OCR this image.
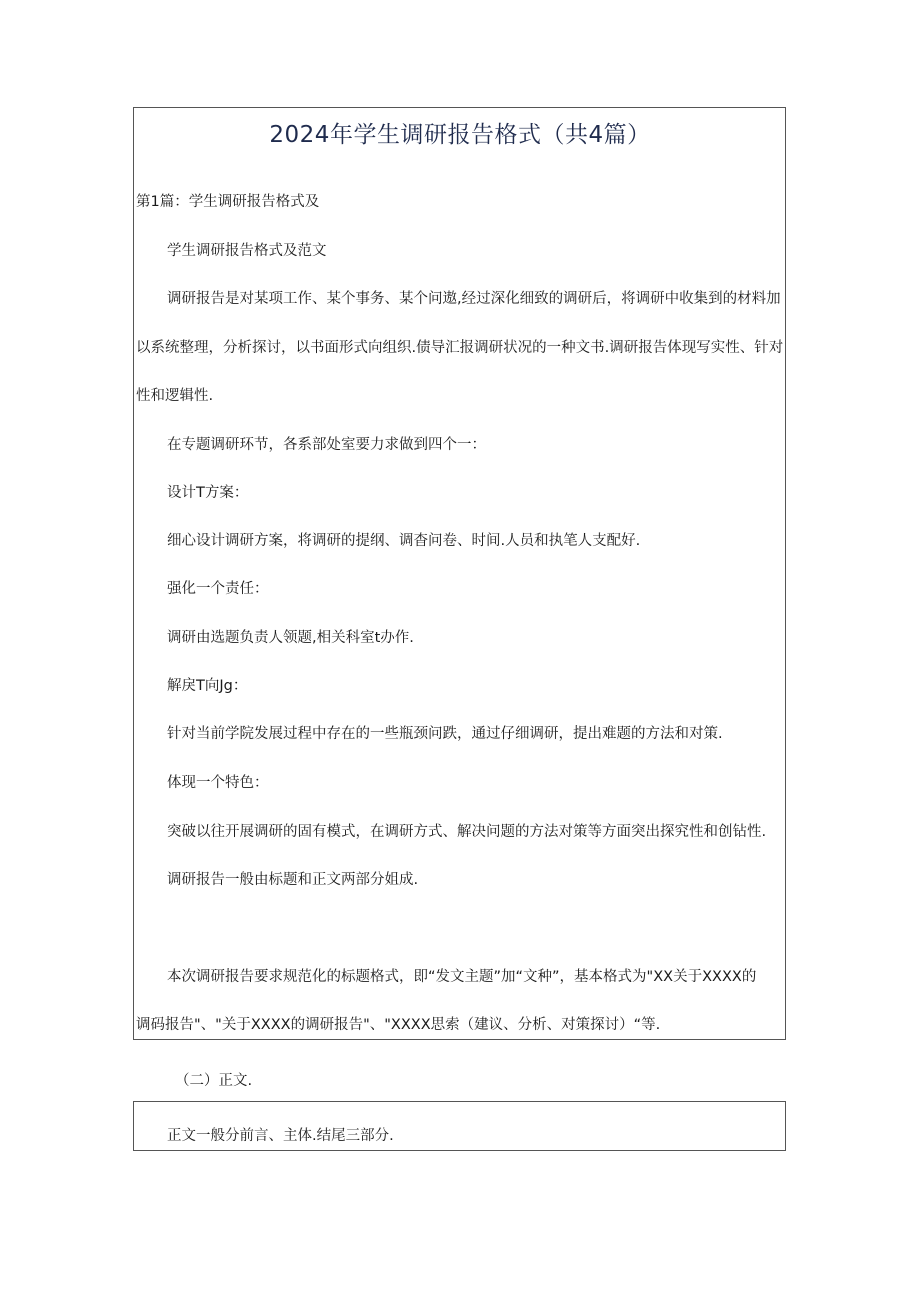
2024年学生调研报告格式（共4篇）
第1篇：学生调研报告格式及
学生调研报告格式及范文
调研报告是对某项工作、某个事务、某个问遨,经过深化细致的调研后，将调研中收集到的材料加
以系统整理，分析探讨，以书面形式向组织.债导汇报调研状况的一种文书.调研报告体现写实性、针对
性和逻辑性.
在专题调研环节，各系部处室要力求做到四个一：
设计T方案：
细心设计调研方案，将调研的提纲、调杳问卷、时间.人员和执笔人支配好.
强化一个责任：
调研由选题负责人领题,相关科室t办作.
解戾T向Jg：
针对当前学院发展过程中存在的一些瓶颈问跌，通过仔细调研，提出难题的方法和对策.
体现一个特色：
突破以往开展调研的固有模式，在调研方式、解决问题的方法对策等方面突出探究性和创钻性.
调研报告一般由标题和正文两部分姐成.
本次调研报告要求规范化的标题格式，即“发文主题”加“文种”，基本格式为"XX关于XXXX的
调码报告"、"关于XXXX的调研报告"、"XXXX思索（建议、分析、对策探讨）“等.
（二）正文.
正文一般分前言、主体.结尾三部分.
